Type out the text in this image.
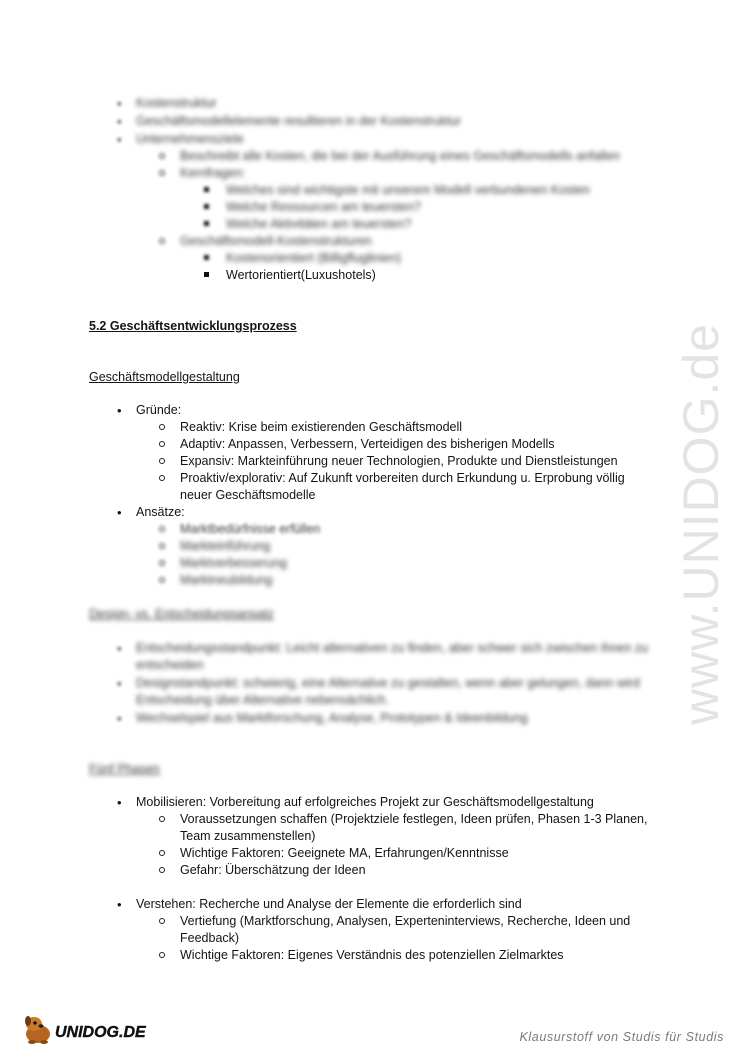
• Kostenstruktur
• Geschäftsmodellelemente resultieren in der Kostenstruktur
• Unternehmensziele
Beschreibt alle Kosten, die bei der Ausführung eines Geschäftsmodells anfallen
Kernfragen:
Welches sind wichtigste mit unserem Modell verbundenen Kosten
Welche Ressourcen am teuersten?
Welche Aktivitäten am teuersten?
Geschäftsmodell-Kostenstrukturen
Kostenorientiert (Billigfluglinien)
Wertorientiert(Luxushotels)
5.2 Geschäftsentwicklungsprozess
Geschäftsmodellgestaltung
• Gründe:
Reaktiv: Krise beim existierenden Geschäftsmodell
Adaptiv: Anpassen, Verbessern, Verteidigen des bisherigen Modells
Expansiv: Markteinführung neuer Technologien, Produkte und Dienstleistungen
Proaktiv/explorativ: Auf Zukunft vorbereiten durch Erkundung u. Erprobung völlig
neuer Geschäftsmodelle
• Ansätze:
Marktbedürfnisse erfüllen
Markteinführung
Marktverbesserung
Marktneubildung
Design- vs. Entscheidungsansatz
• Entscheidungsstandpunkt: Leicht alternativen zu finden, aber schwer sich zwischen ihnen zu
entscheiden
• Designstandpunkt: schwierig, eine Alternative zu gestalten, wenn aber gelungen, dann wird
Entscheidung über Alternative nebensächlich.
• Wechselspiel aus Marktforschung, Analyse, Prototypen & Ideenbildung
Fünf Phasen
• Mobilisieren: Vorbereitung auf erfolgreiches Projekt zur Geschäftsmodellgestaltung
Voraussetzungen schaffen (Projektziele festlegen, Ideen prüfen, Phasen 1-3 Planen,
Team zusammenstellen)
Wichtige Faktoren: Geeignete MA, Erfahrungen/Kenntnisse
Gefahr: Überschätzung der Ideen
• Verstehen: Recherche und Analyse der Elemente die erforderlich sind
Vertiefung (Marktforschung, Analysen, Experteninterviews, Recherche, Ideen und
Feedback)
Wichtige Faktoren: Eigenes Verständnis des potenziellen Zielmarktes
www.UNIDOG.de
UNIDOG.DE	Klausurstoff von Studis für Studis
